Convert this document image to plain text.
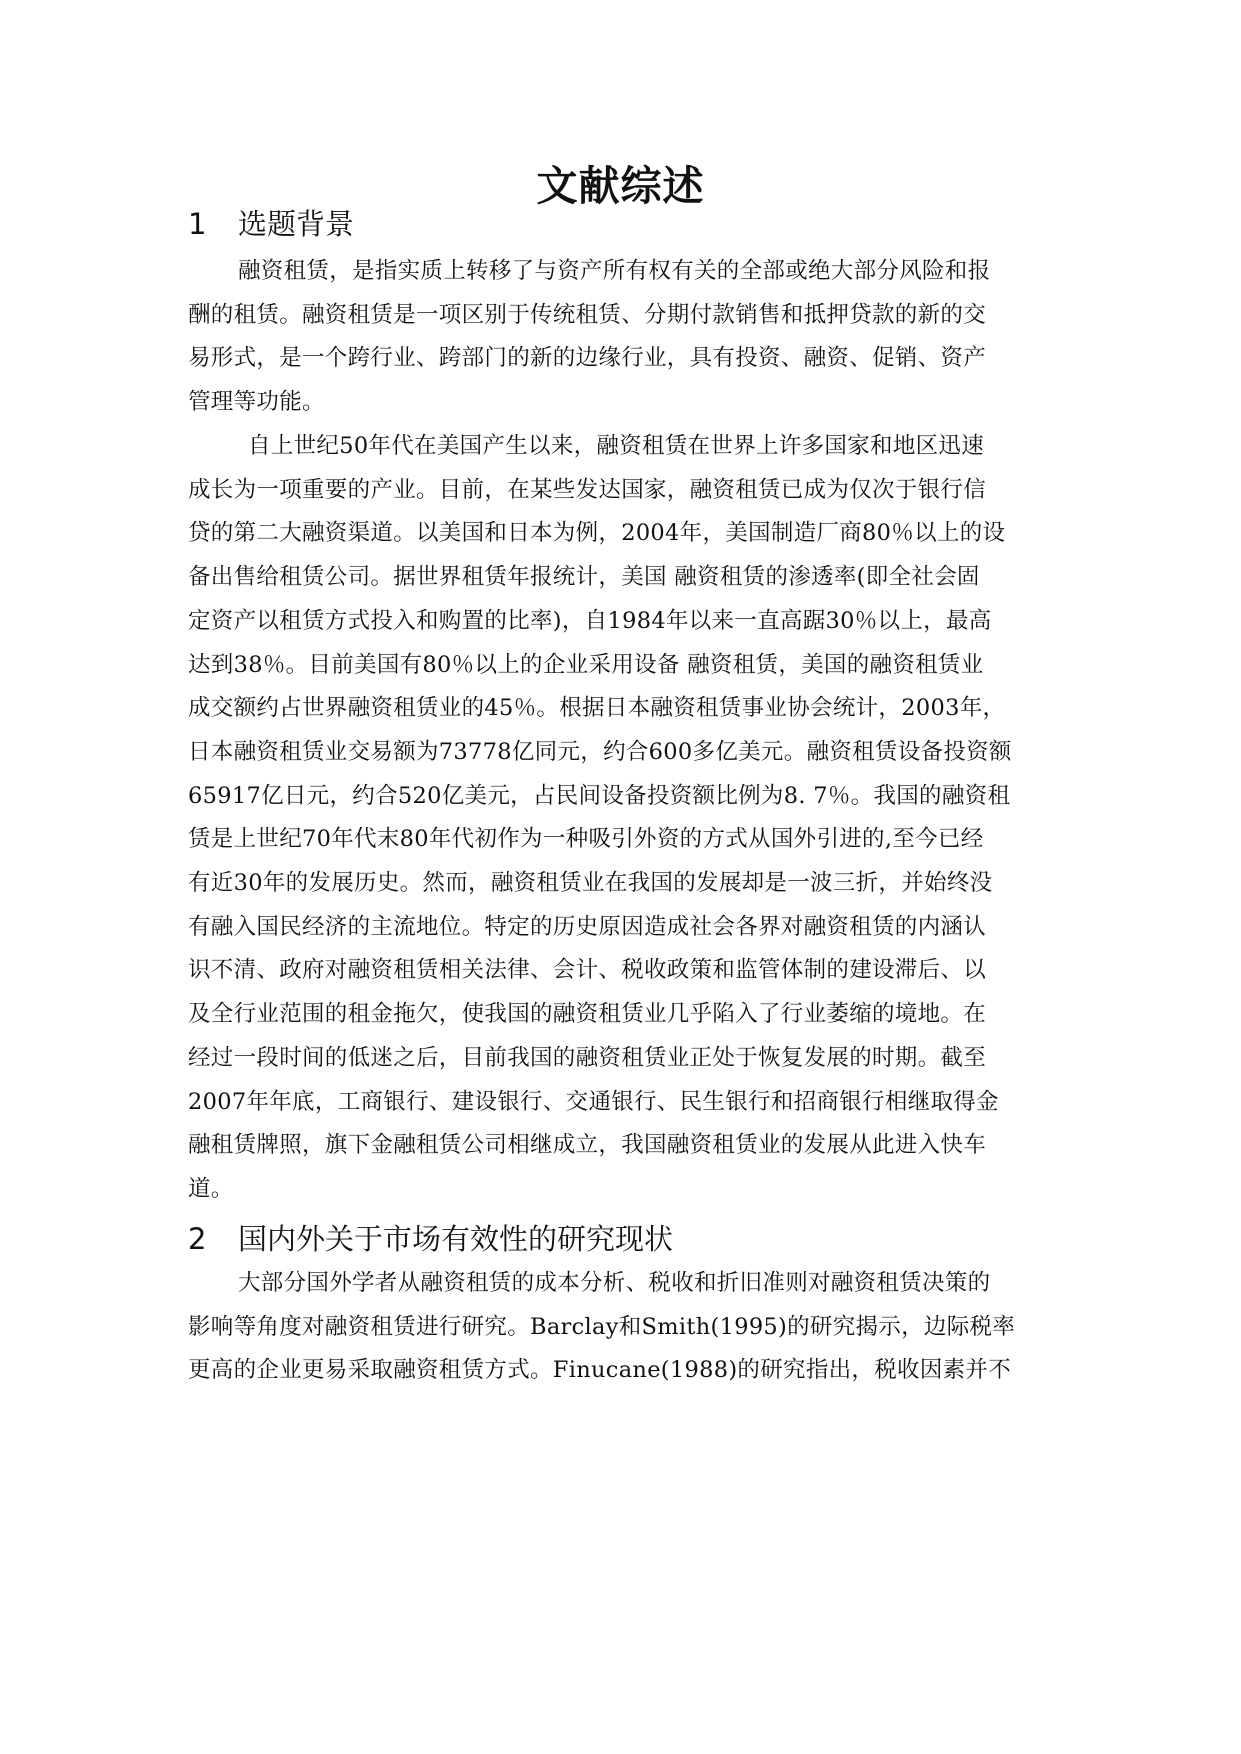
文献综述
1 选题背景
融资租赁，是指实质上转移了与资产所有权有关的全部或绝大部分风险和报
酬的租赁。融资租赁是一项区别于传统租赁、分期付款销售和抵押贷款的新的交
易形式，是一个跨行业、跨部门的新的边缘行业，具有投资、融资、促销、资产
管理等功能。
自上世纪50年代在美国产生以来，融资租赁在世界上许多国家和地区迅速
成长为一项重要的产业。目前，在某些发达国家，融资租赁已成为仅次于银行信
贷的第二大融资渠道。以美国和日本为例，2004年，美国制造厂商80％以上的设
备出售给租赁公司。据世界租赁年报统计，美国 融资租赁的渗透率(即全社会固
定资产以租赁方式投入和购置的比率)，自1984年以来一直高踞30％以上，最高
达到38％。目前美国有80％以上的企业采用设备 融资租赁，美国的融资租赁业
成交额约占世界融资租赁业的45％。根据日本融资租赁事业协会统计，2003年，
日本融资租赁业交易额为73778亿同元，约合600多亿美元。融资租赁设备投资额
65917亿日元，约合520亿美元，占民间设备投资额比例为8. 7％。我国的融资租
赁是上世纪70年代末80年代初作为一种吸引外资的方式从国外引进的,至今已经
有近30年的发展历史。然而，融资租赁业在我国的发展却是一波三折，并始终没
有融入国民经济的主流地位。特定的历史原因造成社会各界对融资租赁的内涵认
识不清、政府对融资租赁相关法律、会计、税收政策和监管体制的建设滞后、以
及全行业范围的租金拖欠，使我国的融资租赁业几乎陷入了行业萎缩的境地。在
经过一段时间的低迷之后，目前我国的融资租赁业正处于恢复发展的时期。截至
2007年年底，工商银行、建设银行、交通银行、民生银行和招商银行相继取得金
融租赁牌照，旗下金融租赁公司相继成立，我国融资租赁业的发展从此进入快车
道。
2 国内外关于市场有效性的研究现状
大部分国外学者从融资租赁的成本分析、税收和折旧准则对融资租赁决策的
影响等角度对融资租赁进行研究。Barclay和Smith(1995)的研究揭示，边际税率
更高的企业更易采取融资租赁方式。Finucane(1988)的研究指出，税收因素并不
